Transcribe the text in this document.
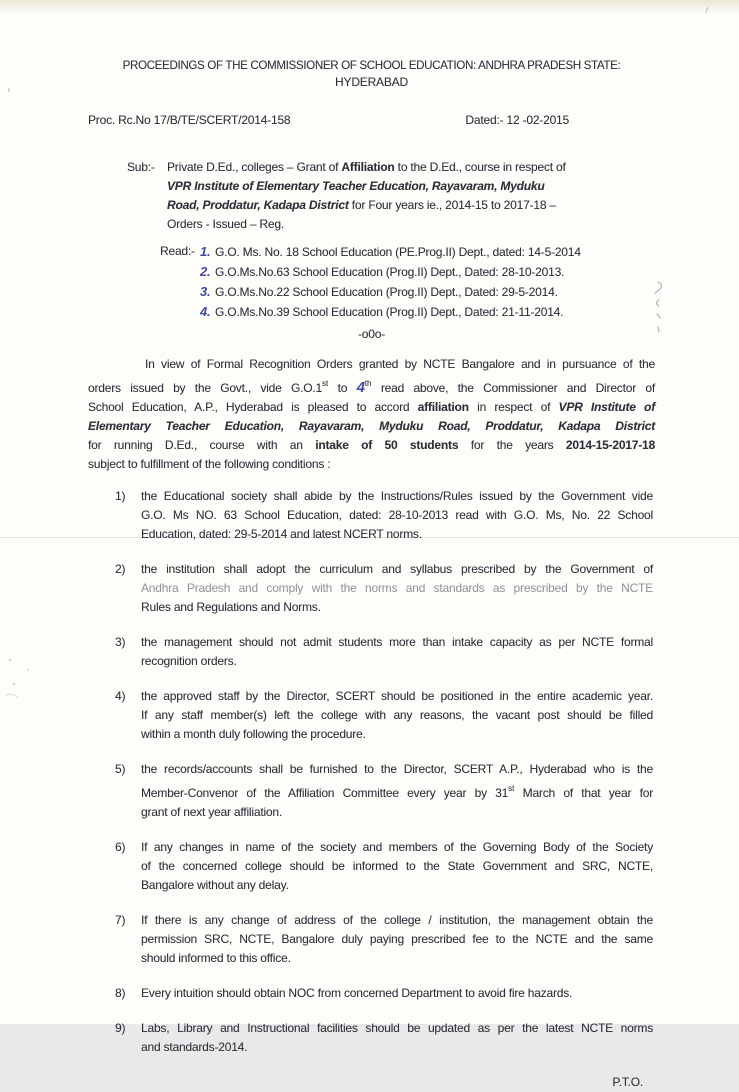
PROCEEDINGS OF THE COMMISSIONER OF SCHOOL EDUCATION: ANDHRA PRADESH STATE:
HYDERABAD
Proc. Rc.No 17/B/TE/SCERT/2014-158	Dated:- 12 -02-2015
Sub:-	Private D.Ed., colleges – Grant of Affiliation to the D.Ed., course in respect of
VPR Institute of Elementary Teacher Education, Rayavaram, Myduku
Road, Proddatur, Kadapa District for Four years ie., 2014-15 to 2017-18 –
Orders - Issued – Reg.
Read:- 1. G.O. Ms. No. 18 School Education (PE.Prog.II) Dept., dated: 14-5-2014
2. G.O.Ms.No.63 School Education (Prog.II) Dept., Dated: 28-10-2013.
3. G.O.Ms.No.22 School Education (Prog.II) Dept., Dated: 29-5-2014.
4. G.O.Ms.No.39 School Education (Prog.II) Dept., Dated: 21-11-2014.
-o0o-
In view of Formal Recognition Orders granted by NCTE Bangalore and in pursuance of the
orders issued by the Govt., vide G.O.1st to 4th read above, the Commissioner and Director of
School Education, A.P., Hyderabad is pleased to accord affiliation in respect of VPR Institute of
Elementary Teacher Education, Rayavaram, Myduku Road, Proddatur, Kadapa District
for running D.Ed., course with an intake of 50 students for the years 2014-15-2017-18
subject to fulfillment of the following conditions :
1)	the Educational society shall abide by the Instructions/Rules issued by the Government vide
G.O. Ms NO. 63 School Education, dated: 28-10-2013 read with G.O. Ms, No. 22 School
Education, dated: 29-5-2014 and latest NCERT norms.
2)	the institution shall adopt the curriculum and syllabus prescribed by the Government of
Andhra Pradesh and comply with the norms and standards as prescribed by the NCTE
Rules and Regulations and Norms.
3)	the management should not admit students more than intake capacity as per NCTE formal
recognition orders.
4)	the approved staff by the Director, SCERT should be positioned in the entire academic year.
If any staff member(s) left the college with any reasons, the vacant post should be filled
within a month duly following the procedure.
5)	the records/accounts shall be furnished to the Director, SCERT A.P., Hyderabad who is the
Member-Convenor of the Affiliation Committee every year by 31st March of that year for
grant of next year affiliation.
6)	If any changes in name of the society and members of the Governing Body of the Society
of the concerned college should be informed to the State Government and SRC, NCTE,
Bangalore without any delay.
7)	If there is any change of address of the college / institution, the management obtain the
permission SRC, NCTE, Bangalore duly paying prescribed fee to the NCTE and the same
should informed to this office.
8)	Every intuition should obtain NOC from concerned Department to avoid fire hazards.
9)	Labs, Library and Instructional facilities should be updated as per the latest NCTE norms
and standards-2014.
P.T.O.
